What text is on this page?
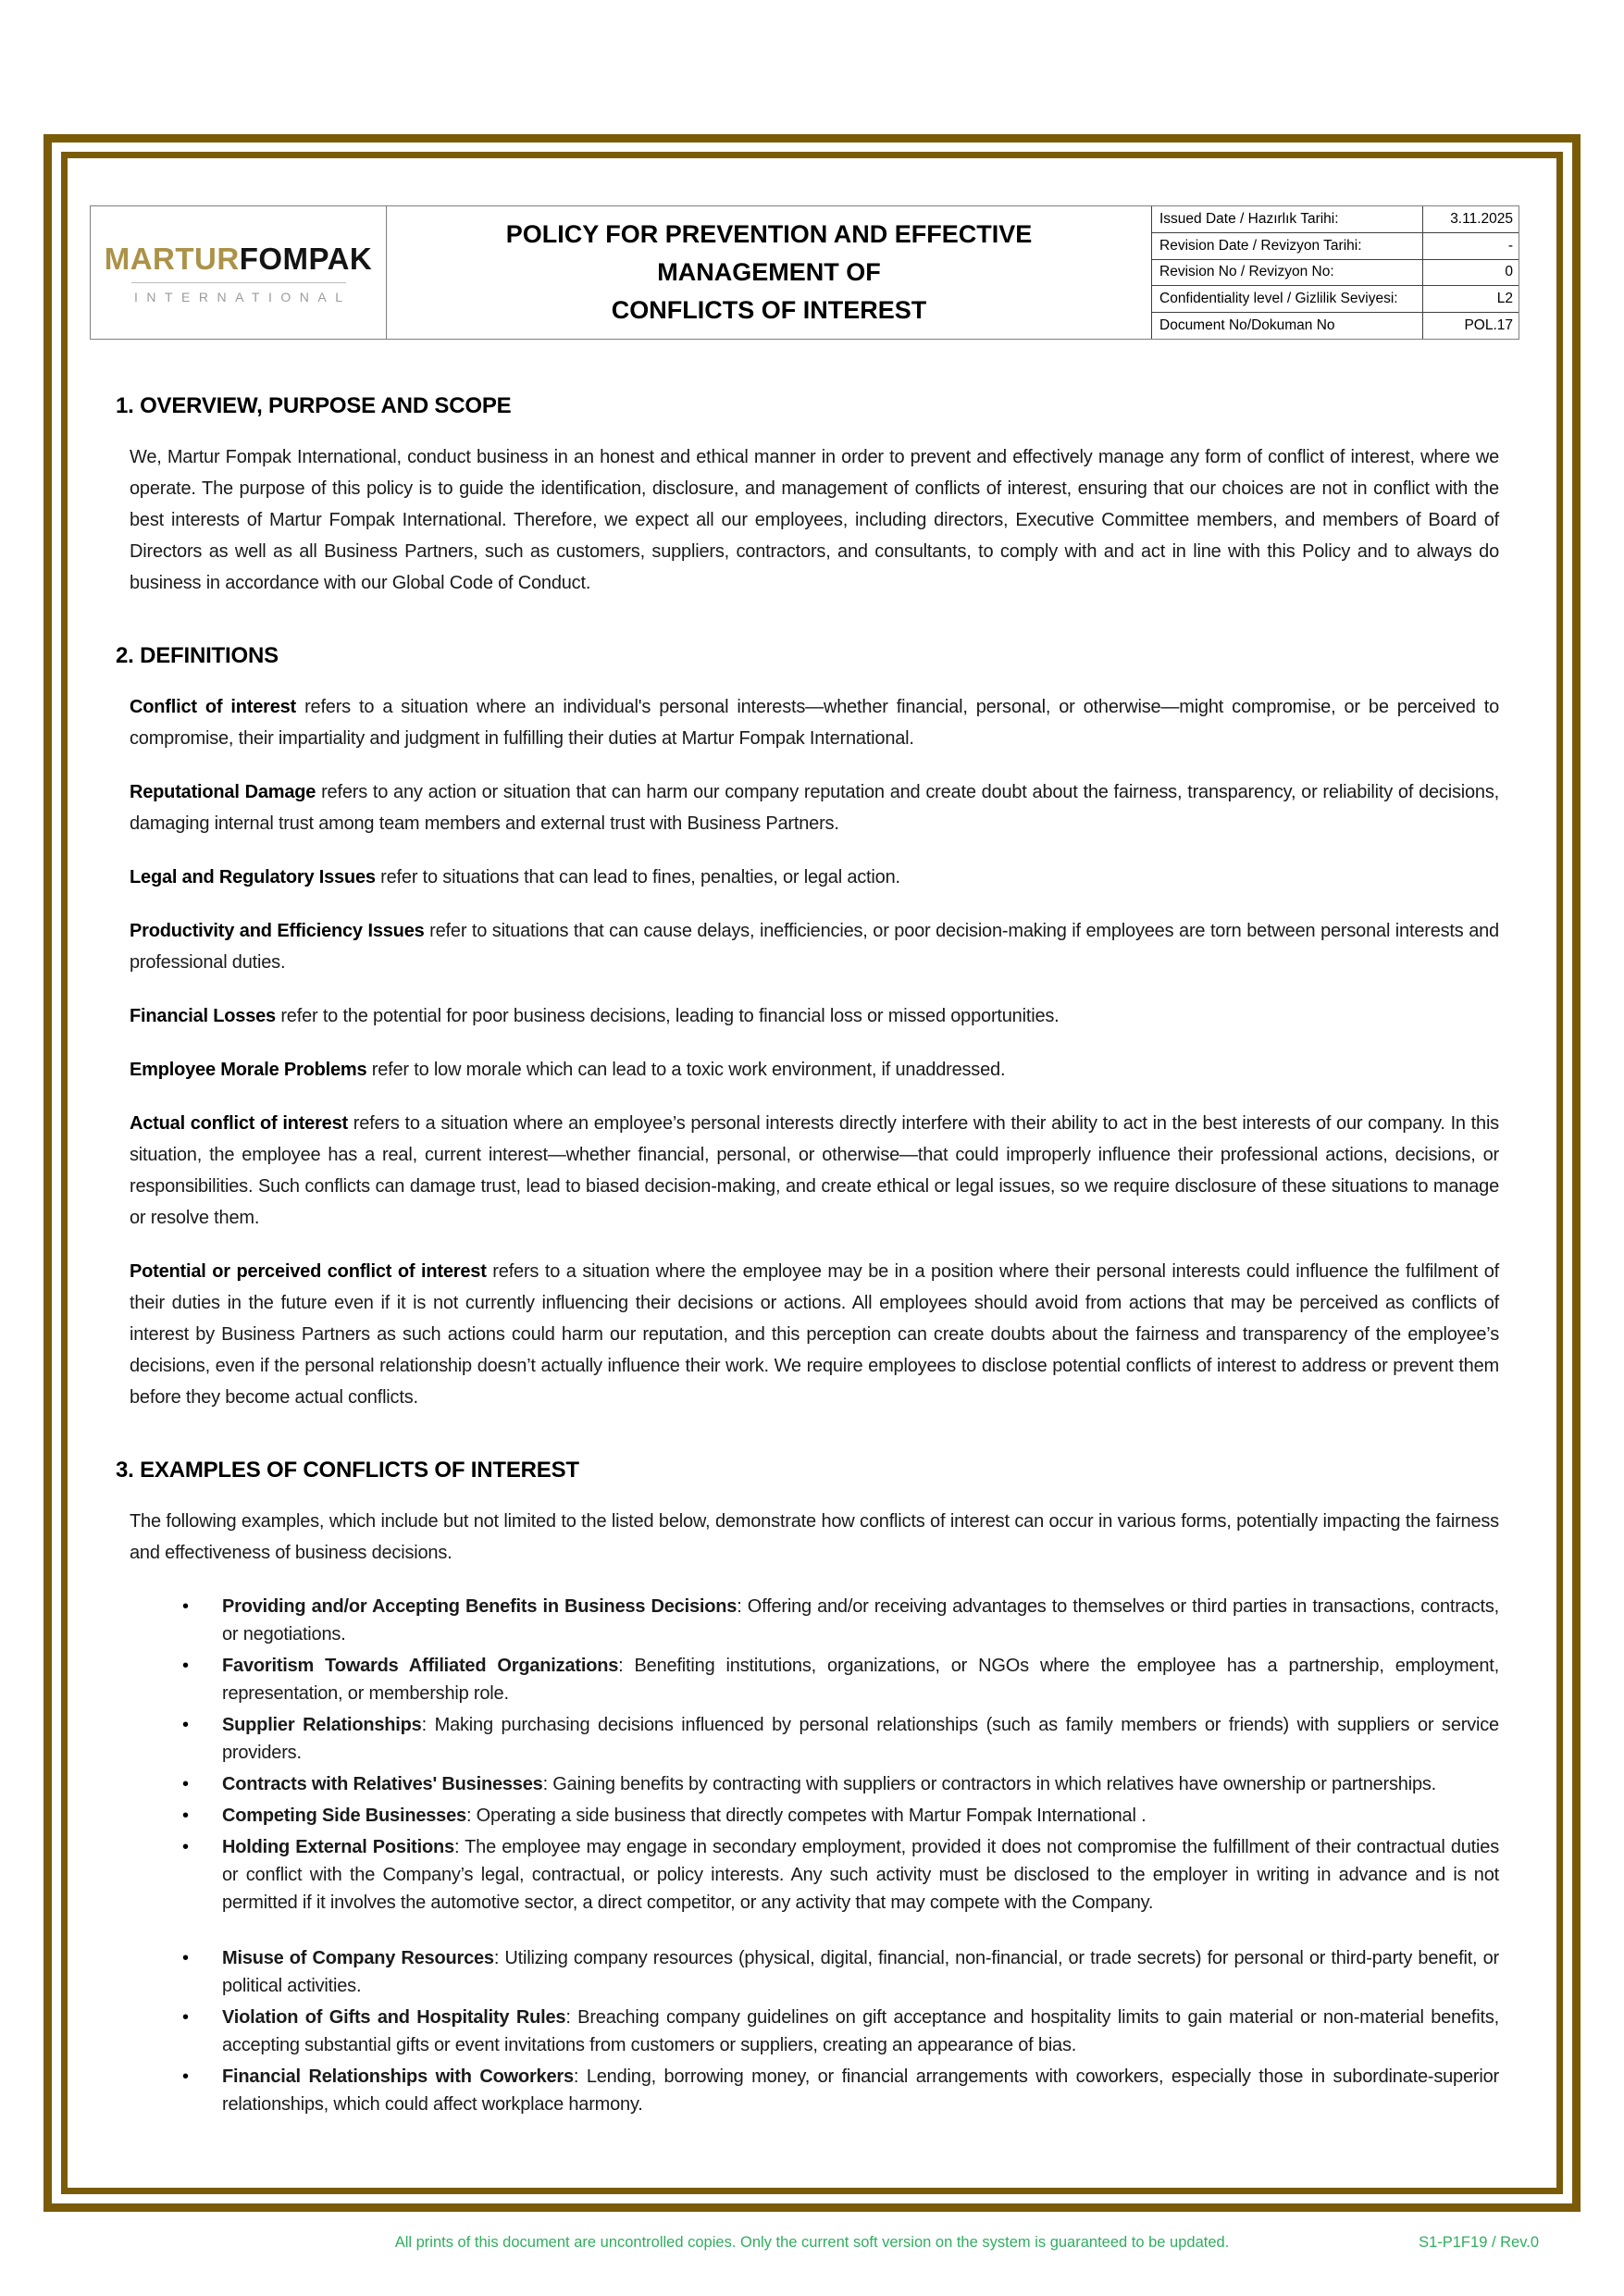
MARTURFOMPAK
INTERNATIONAL
POLICY FOR PREVENTION AND EFFECTIVE
MANAGEMENT OF
CONFLICTS OF INTEREST
Issued Date / Hazırlık Tarihi:	3.11.2025
Revision Date / Revizyon Tarihi:	-
Revision No / Revizyon No:	0
Confidentiality level / Gizlilik Seviyesi:	L2
Document No/Dokuman No	POL.17
1. OVERVIEW, PURPOSE AND SCOPE

We, Martur Fompak International, conduct business in an honest and ethical manner in order to prevent and effectively manage any form of conflict of interest, where we operate. The purpose of this policy is to guide the identification, disclosure, and management of conflicts of interest, ensuring that our choices are not in conflict with the best interests of Martur Fompak International. Therefore, we expect all our employees, including directors, Executive Committee members, and members of Board of Directors as well as all Business Partners, such as customers, suppliers, contractors, and consultants, to comply with and act in line with this Policy and to always do business in accordance with our Global Code of Conduct.

2. DEFINITIONS

Conflict of interest refers to a situation where an individual's personal interests—whether financial, personal, or otherwise—might compromise, or be perceived to compromise, their impartiality and judgment in fulfilling their duties at Martur Fompak International.

Reputational Damage refers to any action or situation that can harm our company reputation and create doubt about the fairness, transparency, or reliability of decisions, damaging internal trust among team members and external trust with Business Partners.

Legal and Regulatory Issues refer to situations that can lead to fines, penalties, or legal action.

Productivity and Efficiency Issues refer to situations that can cause delays, inefficiencies, or poor decision-making if employees are torn between personal interests and professional duties.

Financial Losses refer to the potential for poor business decisions, leading to financial loss or missed opportunities.

Employee Morale Problems refer to low morale which can lead to a toxic work environment, if unaddressed.

Actual conflict of interest refers to a situation where an employee’s personal interests directly interfere with their ability to act in the best interests of our company. In this situation, the employee has a real, current interest—whether financial, personal, or otherwise—that could improperly influence their professional actions, decisions, or responsibilities. Such conflicts can damage trust, lead to biased decision-making, and create ethical or legal issues, so we require disclosure of these situations to manage or resolve them.

Potential or perceived conflict of interest refers to a situation where the employee may be in a position where their personal interests could influence the fulfilment of their duties in the future even if it is not currently influencing their decisions or actions. All employees should avoid from actions that may be perceived as conflicts of interest by Business Partners as such actions could harm our reputation, and this perception can create doubts about the fairness and transparency of the employee’s decisions, even if the personal relationship doesn’t actually influence their work. We require employees to disclose potential conflicts of interest to address or prevent them before they become actual conflicts.

3. EXAMPLES OF CONFLICTS OF INTEREST

The following examples, which include but not limited to the listed below, demonstrate how conflicts of interest can occur in various forms, potentially impacting the fairness and effectiveness of business decisions.

• Providing and/or Accepting Benefits in Business Decisions: Offering and/or receiving advantages to themselves or third parties in transactions, contracts, or negotiations.
• Favoritism Towards Affiliated Organizations: Benefiting institutions, organizations, or NGOs where the employee has a partnership, employment, representation, or membership role.
• Supplier Relationships: Making purchasing decisions influenced by personal relationships (such as family members or friends) with suppliers or service providers.
• Contracts with Relatives' Businesses: Gaining benefits by contracting with suppliers or contractors in which relatives have ownership or partnerships.
• Competing Side Businesses: Operating a side business that directly competes with Martur Fompak International .
• Holding External Positions: The employee may engage in secondary employment, provided it does not compromise the fulfillment of their contractual duties or conflict with the Company’s legal, contractual, or policy interests. Any such activity must be disclosed to the employer in writing in advance and is not permitted if it involves the automotive sector, a direct competitor, or any activity that may compete with the Company.
• Misuse of Company Resources: Utilizing company resources (physical, digital, financial, non-financial, or trade secrets) for personal or third-party benefit, or political activities.
• Violation of Gifts and Hospitality Rules: Breaching company guidelines on gift acceptance and hospitality limits to gain material or non-material benefits, accepting substantial gifts or event invitations from customers or suppliers, creating an appearance of bias.
• Financial Relationships with Coworkers: Lending, borrowing money, or financial arrangements with coworkers, especially those in subordinate-superior relationships, which could affect workplace harmony.
All prints of this document are uncontrolled copies. Only the current soft version on the system is guaranteed to be updated.	S1-P1F19 / Rev.0
